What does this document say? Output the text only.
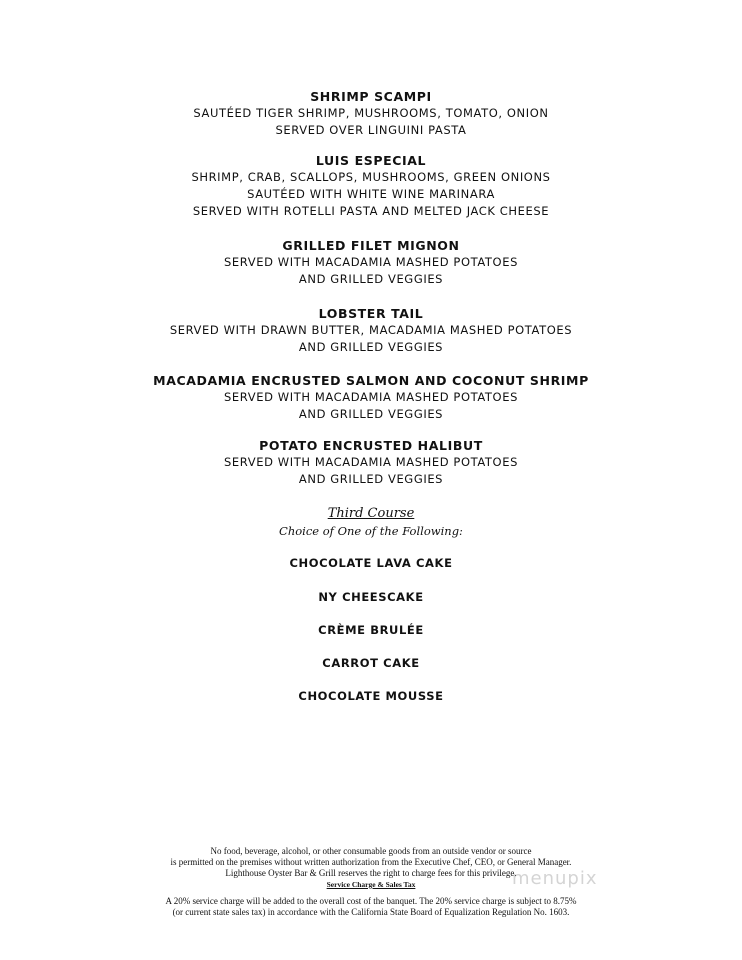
SHRIMP SCAMPI
SAUTÉED TIGER SHRIMP, MUSHROOMS, TOMATO, ONION
SERVED OVER LINGUINI PASTA
LUIS ESPECIAL
SHRIMP, CRAB, SCALLOPS, MUSHROOMS, GREEN ONIONS
SAUTÉED WITH WHITE WINE MARINARA
SERVED WITH ROTELLI PASTA AND MELTED JACK CHEESE
GRILLED FILET MIGNON
SERVED WITH MACADAMIA MASHED POTATOES
AND GRILLED VEGGIES
LOBSTER TAIL
SERVED WITH DRAWN BUTTER, MACADAMIA MASHED POTATOES
AND GRILLED VEGGIES
MACADAMIA ENCRUSTED SALMON AND COCONUT SHRIMP
SERVED WITH MACADAMIA MASHED POTATOES
AND GRILLED VEGGIES
POTATO ENCRUSTED HALIBUT
SERVED WITH MACADAMIA MASHED POTATOES
AND GRILLED VEGGIES
Third Course
Choice of One of the Following:
CHOCOLATE LAVA CAKE
NY CHEESCAKE
CRÈME BRULÉE
CARROT CAKE
CHOCOLATE MOUSSE
No food, beverage, alcohol, or other consumable goods from an outside vendor or source
is permitted on the premises without written authorization from the Executive Chef, CEO, or General Manager.
Lighthouse Oyster Bar & Grill reserves the right to charge fees for this privilege.
Service Charge & Sales Tax
A 20% service charge will be added to the overall cost of the banquet. The 20% service charge is subject to 8.75%
(or current state sales tax) in accordance with the California State Board of Equalization Regulation No. 1603.
menupix
